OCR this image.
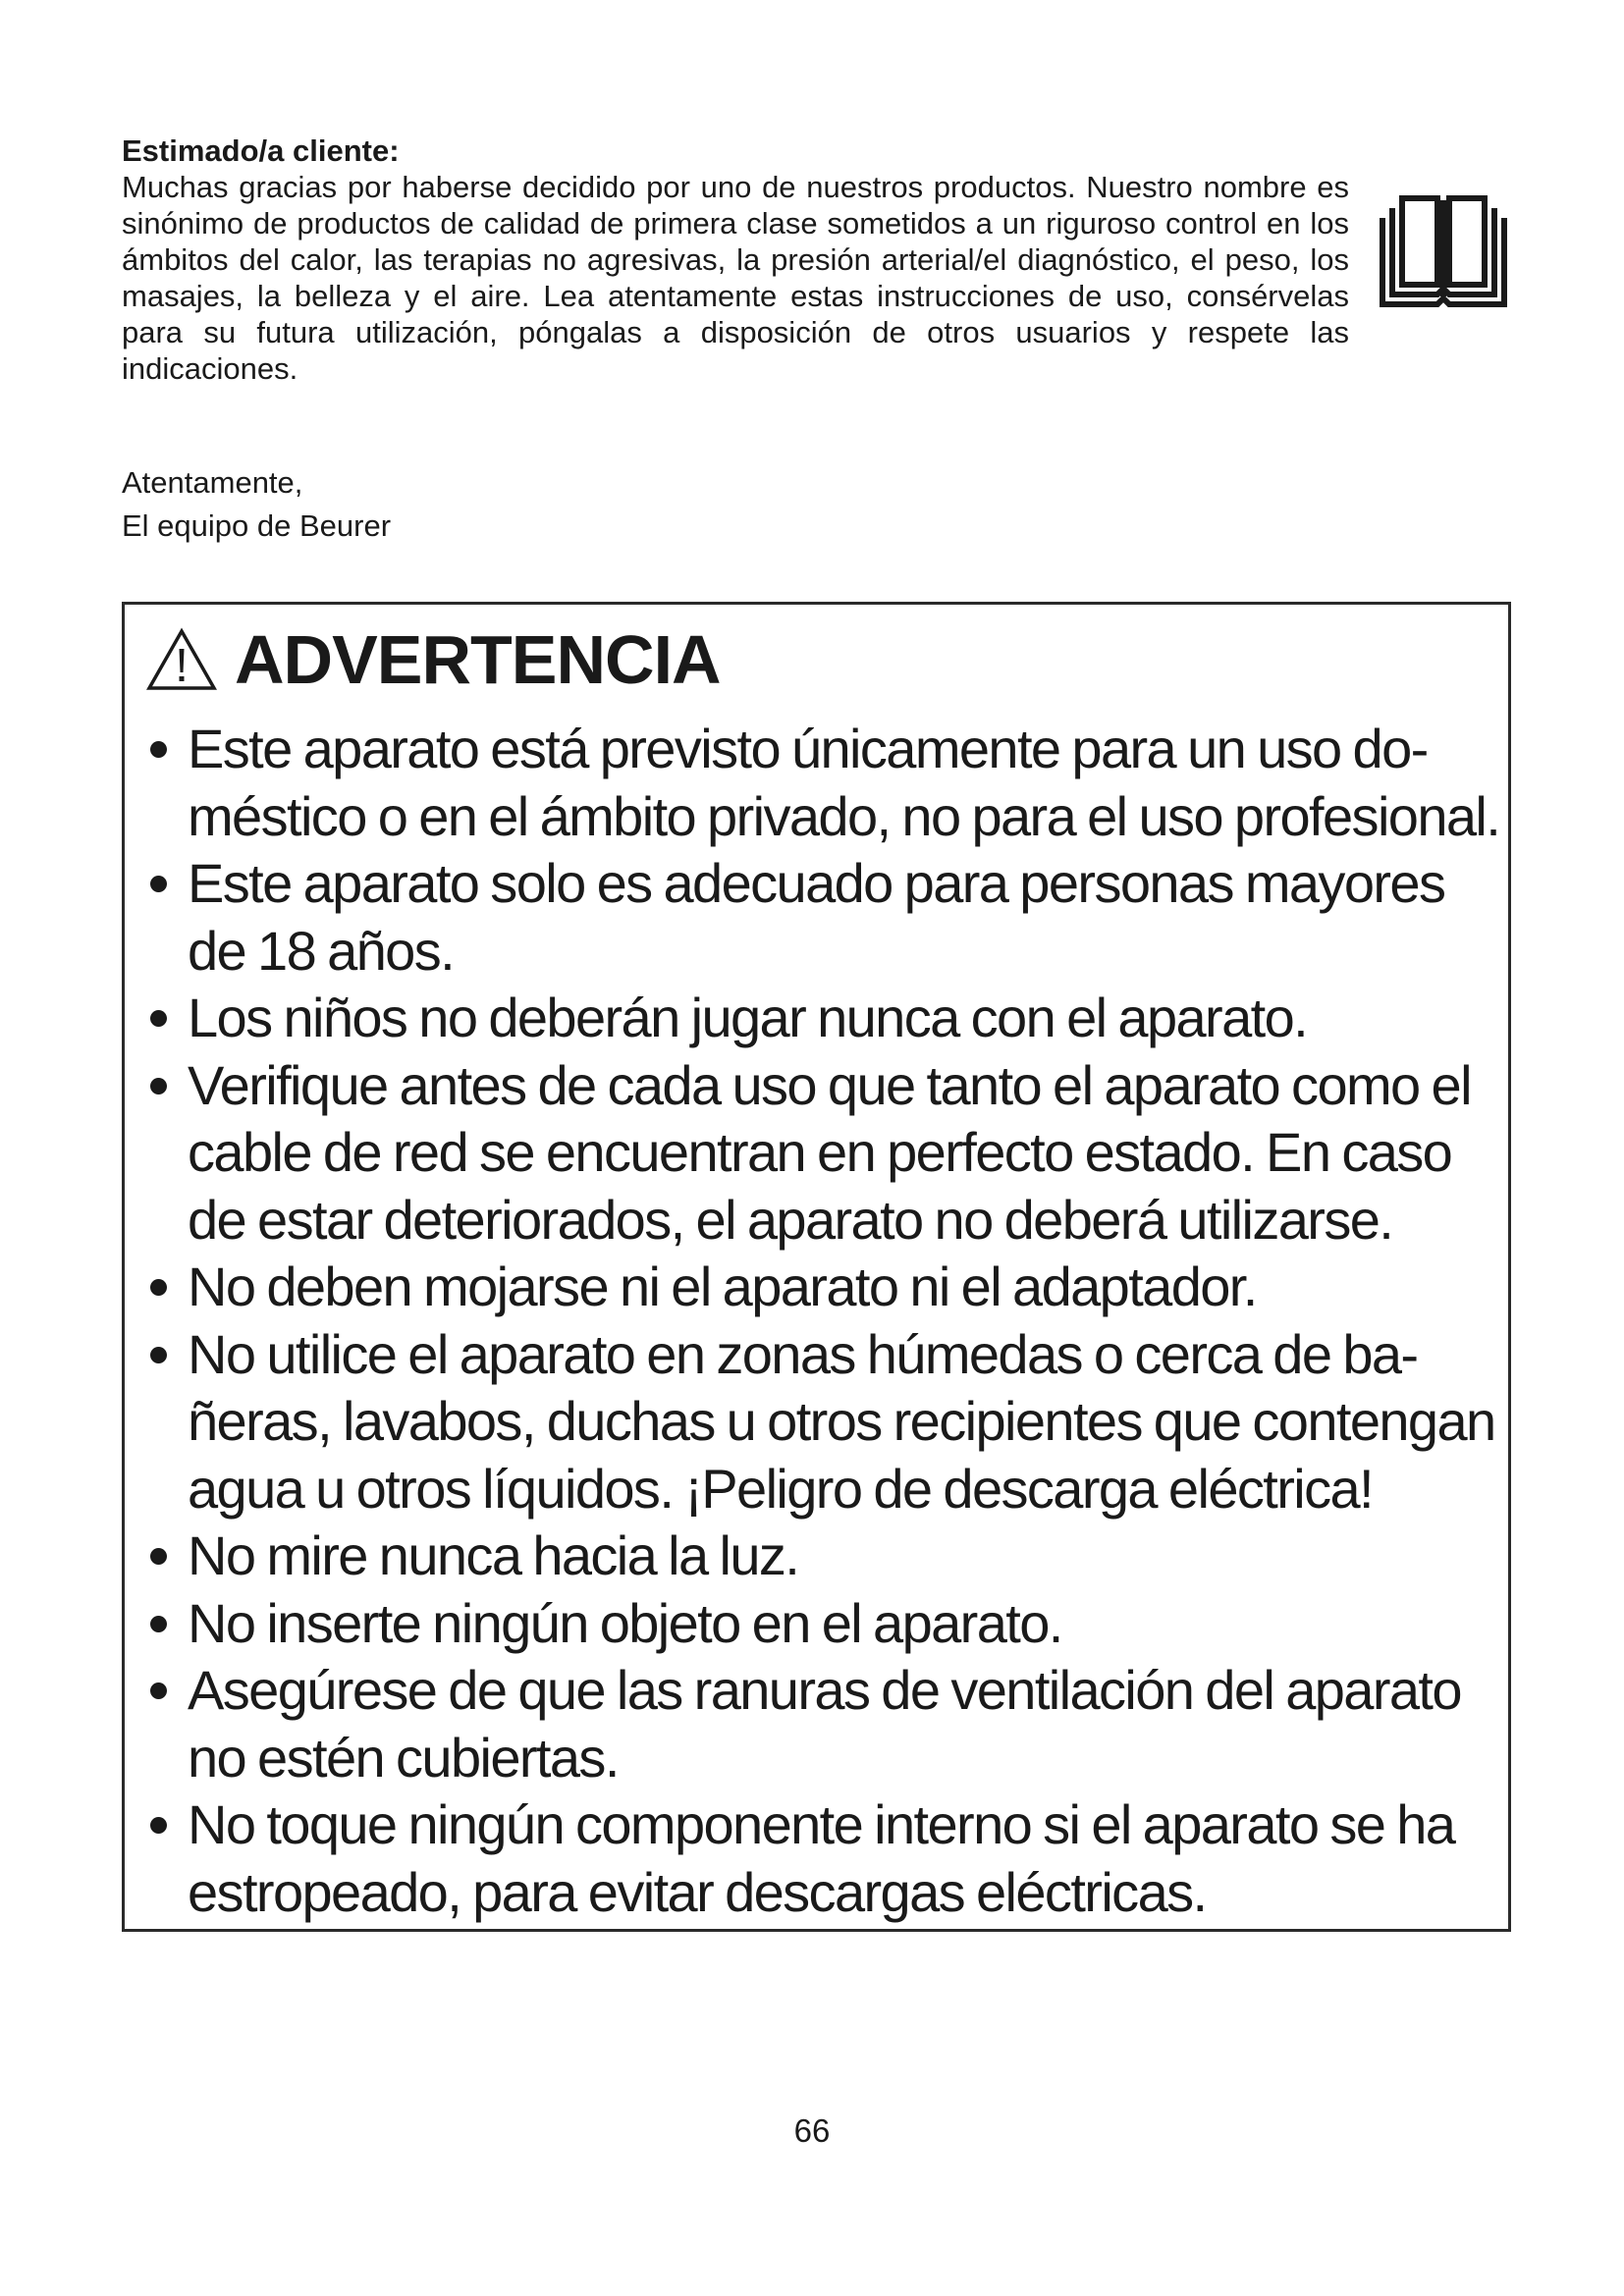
Estimado/a cliente:

Muchas gracias por haberse decidido por uno de nuestros productos. Nuestro nombre es sinónimo de productos de calidad de primera clase sometidos a un riguroso control en los ámbitos del calor, las terapias no agresivas, la presión arterial/el diagnóstico, el peso, los masajes, la belleza y el aire. Lea atentamente estas instrucciones de uso, consérvelas para su futura utilización, póngalas a disposición de otros usuarios y respete las indicaciones.

Atentamente,
El equipo de Beurer
ADVERTENCIA
Este aparato está previsto únicamente para un uso doméstico o en el ámbito privado, no para el uso profesional.
Este aparato solo es adecuado para personas mayores de 18 años.
Los niños no deberán jugar nunca con el aparato.
Verifique antes de cada uso que tanto el aparato como el cable de red se encuentran en perfecto estado. En caso de estar deteriorados, el aparato no deberá utilizarse.
No deben mojarse ni el aparato ni el adaptador.
No utilice el aparato en zonas húmedas o cerca de bañeras, lavabos, duchas u otros recipientes que contengan agua u otros líquidos. ¡Peligro de descarga eléctrica!
No mire nunca hacia la luz.
No inserte ningún objeto en el aparato.
Asegúrese de que las ranuras de ventilación del aparato no estén cubiertas.
No toque ningún componente interno si el aparato se ha estropeado, para evitar descargas eléctricas.
66
